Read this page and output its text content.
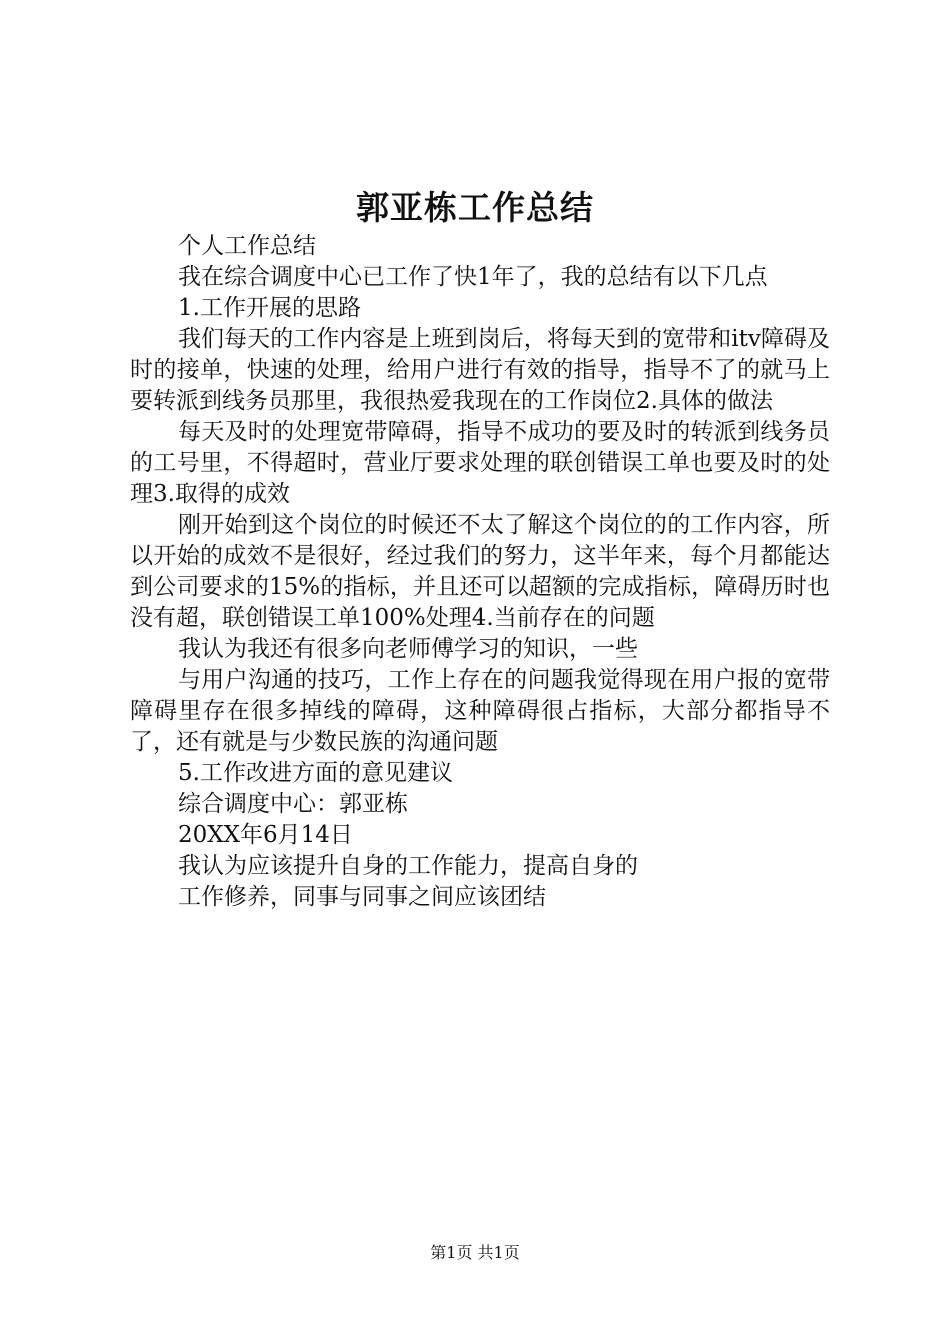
郭亚栋工作总结

个人工作总结

我在综合调度中心已工作了快1年了，我的总结有以下几点

1.工作开展的思路

我们每天的工作内容是上班到岗后，将每天到的宽带和itv障碍及时的接单，快速的处理，给用户进行有效的指导，指导不了的就马上要转派到线务员那里，我很热爱我现在的工作岗位2.具体的做法

每天及时的处理宽带障碍，指导不成功的要及时的转派到线务员的工号里，不得超时，营业厅要求处理的联创错误工单也要及时的处理3.取得的成效

刚开始到这个岗位的时候还不太了解这个岗位的的工作内容，所以开始的成效不是很好，经过我们的努力，这半年来，每个月都能达到公司要求的15%的指标，并且还可以超额的完成指标，障碍历时也没有超，联创错误工单100%处理4.当前存在的问题

我认为我还有很多向老师傅学习的知识，一些

与用户沟通的技巧，工作上存在的问题我觉得现在用户报的宽带障碍里存在很多掉线的障碍，这种障碍很占指标，大部分都指导不了，还有就是与少数民族的沟通问题

5.工作改进方面的意见建议

综合调度中心：郭亚栋

20XX年6月14日

我认为应该提升自身的工作能力，提高自身的

工作修养，同事与同事之间应该团结

第1页 共1页
